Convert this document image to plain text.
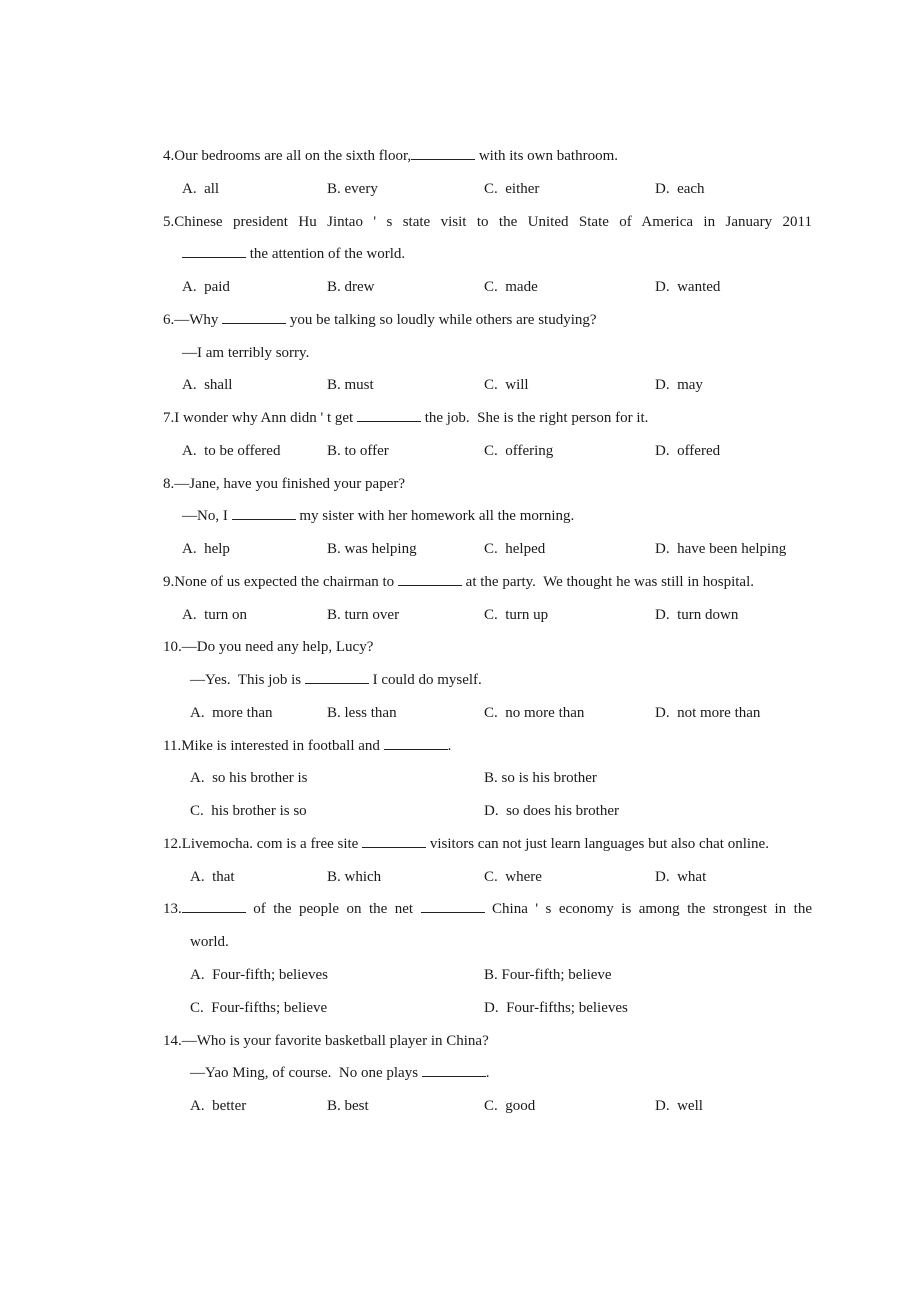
4.Our bedrooms are all on the sixth floor,	with its own bathroom.
A.  all	B. every	C.  either	D.  each
5.Chinese president Hu Jintao ' s state visit to the United State of America in January 2011
the attention of the world.
A.  paid	B. drew	C.  made	D.  wanted
6.—Why	you be talking so loudly while others are studying?
—I am terribly sorry.
A.  shall	B. must	C.  will	D.  may
7.I wonder why Ann didn ' t get	the job.  She is the right person for it.
A.  to be offered	B. to offer	C.  offering	D.  offered
8.—Jane, have you finished your paper?
—No, I	my sister with her homework all the morning.
A.  help	B. was helping	C.  helped	D.  have been helping
9.None of us expected the chairman to	at the party.  We thought he was still in hospital.
A.  turn on	B. turn over	C.  turn up	D.  turn down
10.—Do you need any help, Lucy?
—Yes.  This job is	I could do myself.
A.  more than	B. less than	C.  no more than	D.  not more than
11.Mike is interested in football and	.
A.  so his brother is	B. so is his brother
C.  his brother is so	D.  so does his brother
12.Livemocha. com is a free site	visitors can not just learn languages but also chat online.
A.  that	B. which	C.  where	D.  what
13.	of the people on the net	China ' s economy is among the strongest in the
world.
A.  Four-fifth; believes	B. Four-fifth; believe
C.  Four-fifths; believe	D.  Four-fifths; believes
14.—Who is your favorite basketball player in China?
—Yao Ming, of course.  No one plays	.
A.  better	B. best	C.  good	D.  well
